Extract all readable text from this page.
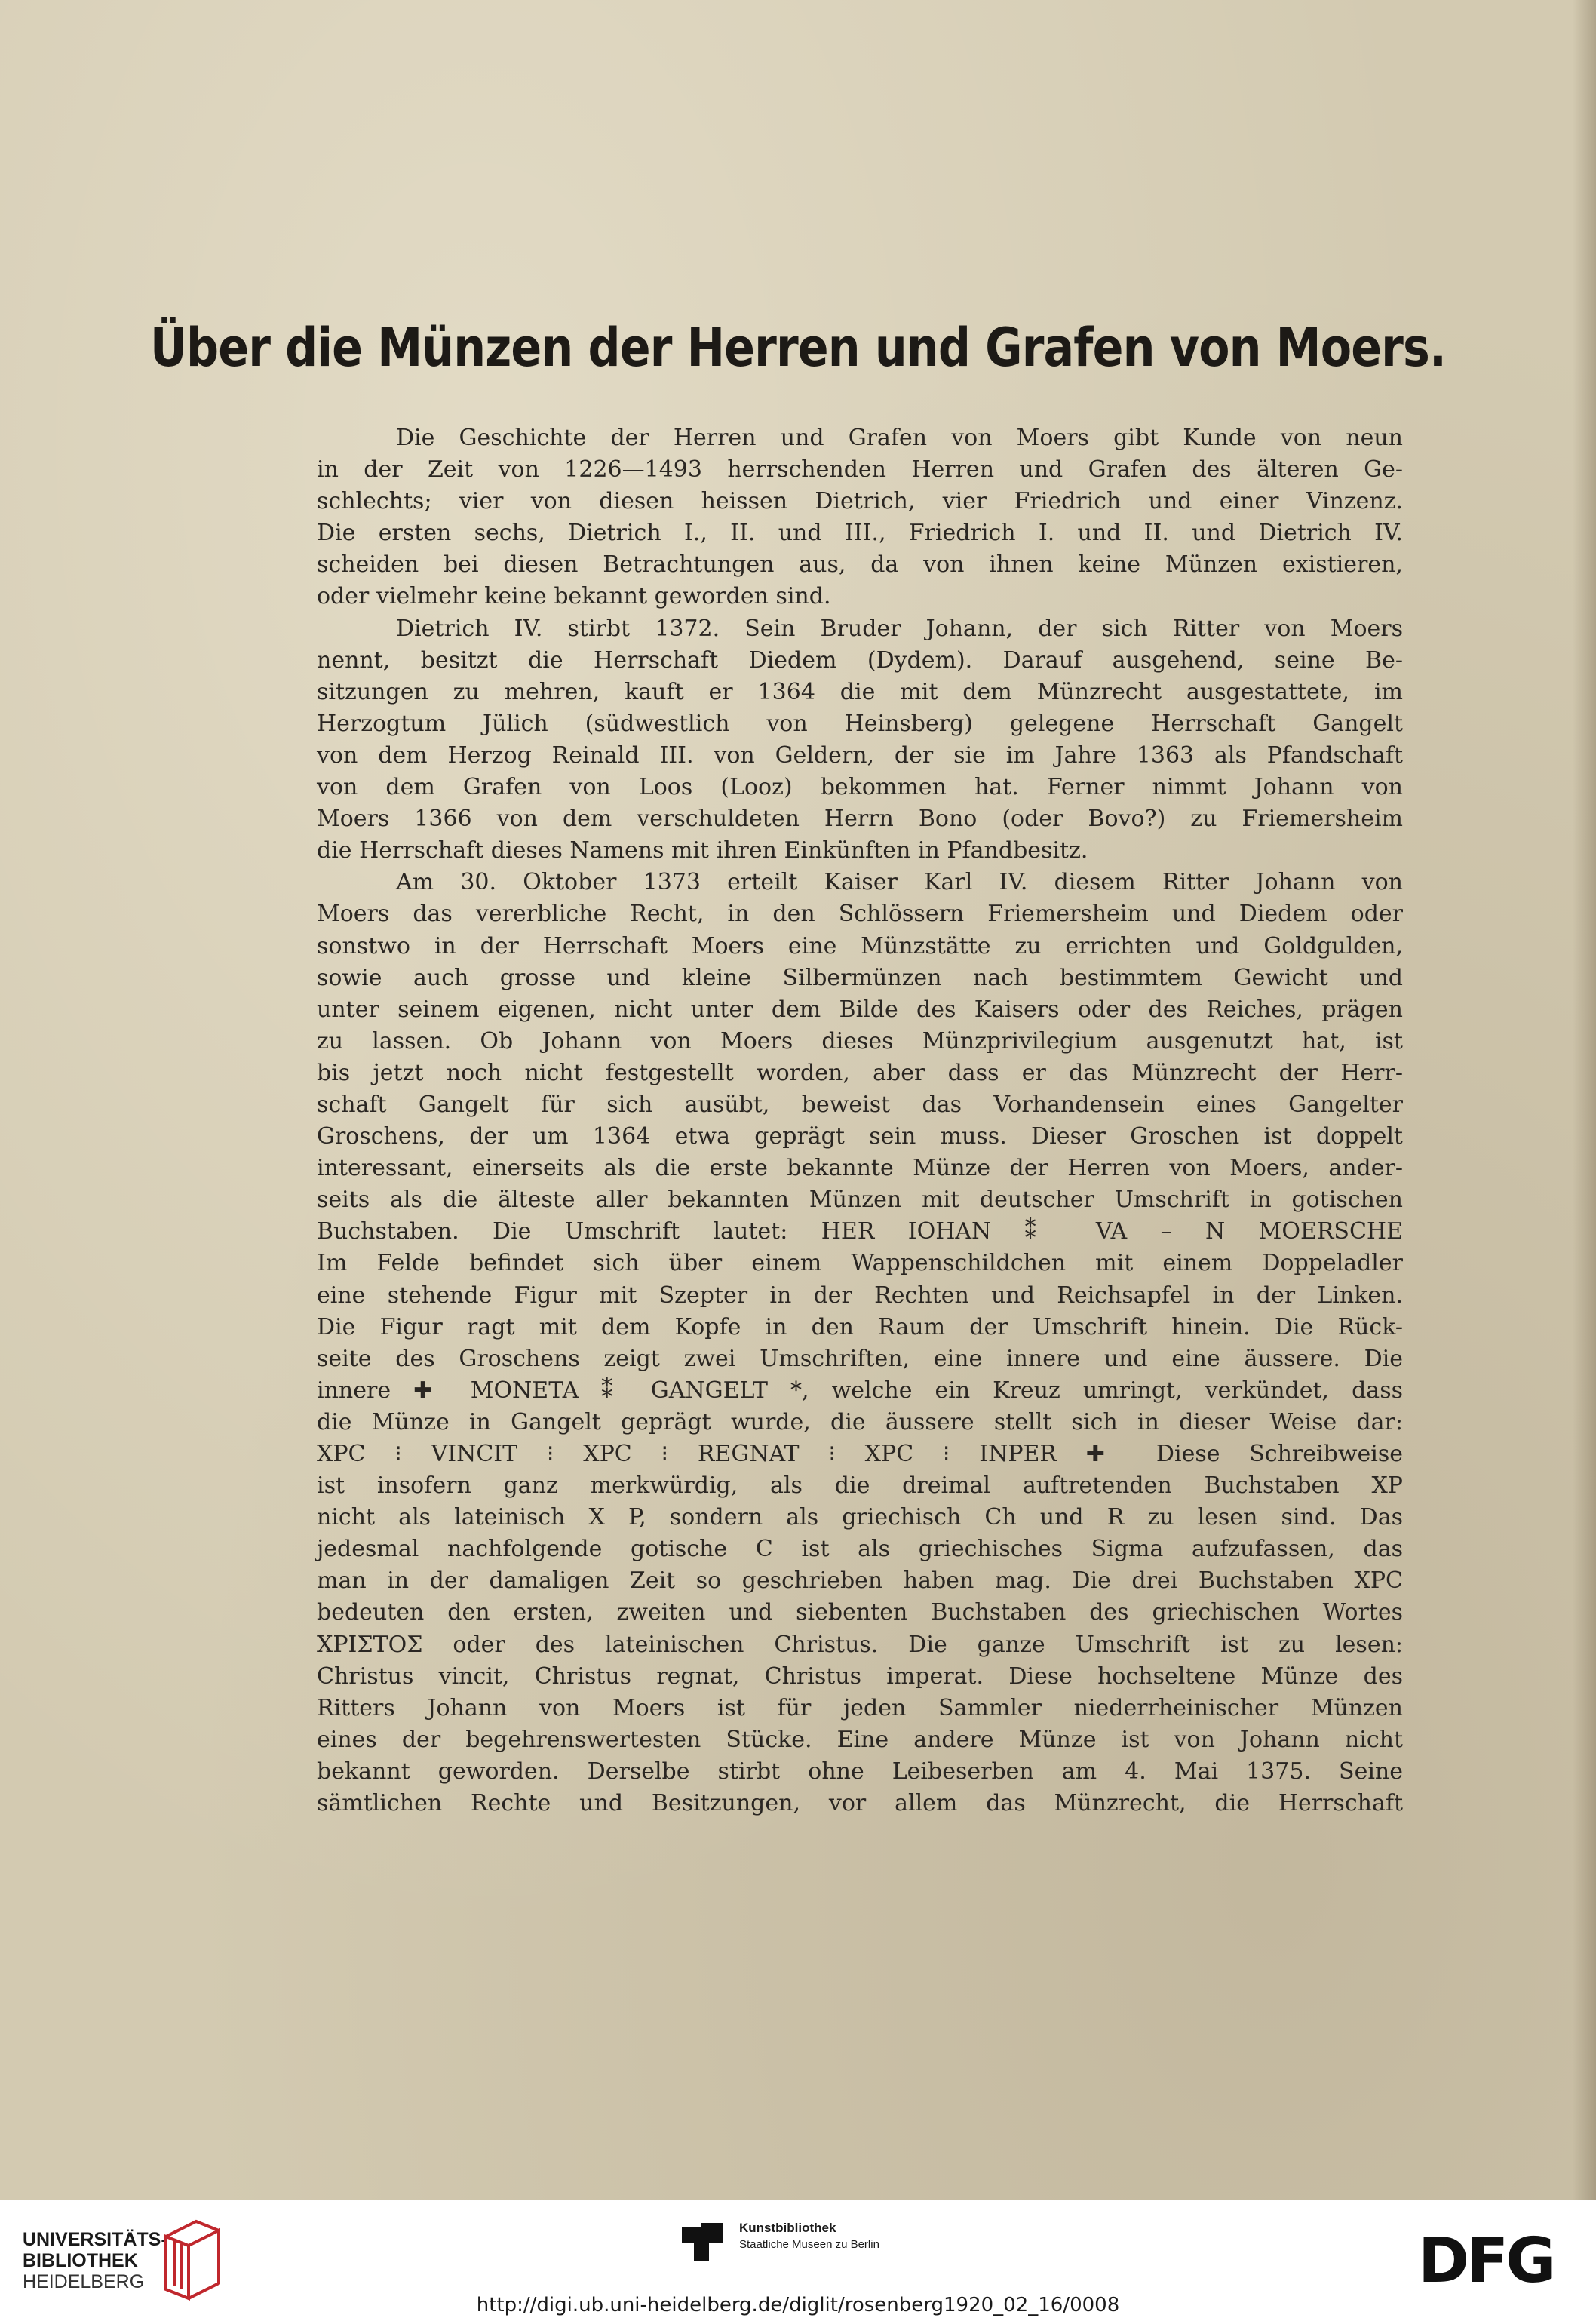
Über die Münzen der Herren und Grafen von Moers.
Die Geschichte der Herren und Grafen von Moers gibt Kunde von neun
in der Zeit von 1226—1493 herrschenden Herren und Grafen des älteren Ge-
schlechts; vier von diesen heissen Dietrich, vier Friedrich und einer Vinzenz.
Die ersten sechs, Dietrich I., II. und III., Friedrich I. und II. und Dietrich IV.
scheiden bei diesen Betrachtungen aus, da von ihnen keine Münzen existieren,
oder vielmehr keine bekannt geworden sind.
Dietrich IV. stirbt 1372. Sein Bruder Johann, der sich Ritter von Moers
nennt, besitzt die Herrschaft Diedem (Dydem). Darauf ausgehend, seine Be-
sitzungen zu mehren, kauft er 1364 die mit dem Münzrecht ausgestattete, im
Herzogtum Jülich (südwestlich von Heinsberg) gelegene Herrschaft Gangelt
von dem Herzog Reinald III. von Geldern, der sie im Jahre 1363 als Pfandschaft
von dem Grafen von Loos (Looz) bekommen hat. Ferner nimmt Johann von
Moers 1366 von dem verschuldeten Herrn Bono (oder Bovo?) zu Friemersheim
die Herrschaft dieses Namens mit ihren Einkünften in Pfandbesitz.
Am 30. Oktober 1373 erteilt Kaiser Karl IV. diesem Ritter Johann von
Moers das vererbliche Recht, in den Schlössern Friemersheim und Diedem oder
sonstwo in der Herrschaft Moers eine Münzstätte zu errichten und Goldgulden,
sowie auch grosse und kleine Silbermünzen nach bestimmtem Gewicht und
unter seinem eigenen, nicht unter dem Bilde des Kaisers oder des Reiches, prägen
zu lassen. Ob Johann von Moers dieses Münzprivilegium ausgenutzt hat, ist
bis jetzt noch nicht festgestellt worden, aber dass er das Münzrecht der Herr-
schaft Gangelt für sich ausübt, beweist das Vorhandensein eines Gangelter
Groschens, der um 1364 etwa geprägt sein muss. Dieser Groschen ist doppelt
interessant, einerseits als die erste bekannte Münze der Herren von Moers, ander-
seits als die älteste aller bekannten Münzen mit deutscher Umschrift in gotischen
Buchstaben. Die Umschrift lautet: HER IOHAN ⁑ VA – N MOERSCHE
Im Felde befindet sich über einem Wappenschildchen mit einem Doppeladler
eine stehende Figur mit Szepter in der Rechten und Reichsapfel in der Linken.
Die Figur ragt mit dem Kopfe in den Raum der Umschrift hinein. Die Rück-
seite des Groschens zeigt zwei Umschriften, eine innere und eine äussere. Die
innere ✚ MONETA ⁑ GANGELT *, welche ein Kreuz umringt, verkündet, dass
die Münze in Gangelt geprägt wurde, die äussere stellt sich in dieser Weise dar:
XPC ⁝ VINCIT ⁝ XPC ⁝ REGNAT ⁝ XPC ⁝ INPER ✚ Diese Schreibweise
ist insofern ganz merkwürdig, als die dreimal auftretenden Buchstaben XP
nicht als lateinisch X P, sondern als griechisch Ch und R zu lesen sind. Das
jedesmal nachfolgende gotische C ist als griechisches Sigma aufzufassen, das
man in der damaligen Zeit so geschrieben haben mag. Die drei Buchstaben XPC
bedeuten den ersten, zweiten und siebenten Buchstaben des griechischen Wortes
ΧΡΙΣΤΟΣ oder des lateinischen Christus. Die ganze Umschrift ist zu lesen:
Christus vincit, Christus regnat, Christus imperat. Diese hochseltene Münze des
Ritters Johann von Moers ist für jeden Sammler niederrheinischer Münzen
eines der begehrenswertesten Stücke. Eine andere Münze ist von Johann nicht
bekannt geworden. Derselbe stirbt ohne Leibeserben am 4. Mai 1375. Seine
sämtlichen Rechte und Besitzungen, vor allem das Münzrecht, die Herrschaft
UNIVERSITÄTS-
BIBLIOTHEK
HEIDELBERG
Kunstbibliothek
Staatliche Museen zu Berlin	DFG
http://digi.ub.uni-heidelberg.de/diglit/rosenberg1920_02_16/0008
